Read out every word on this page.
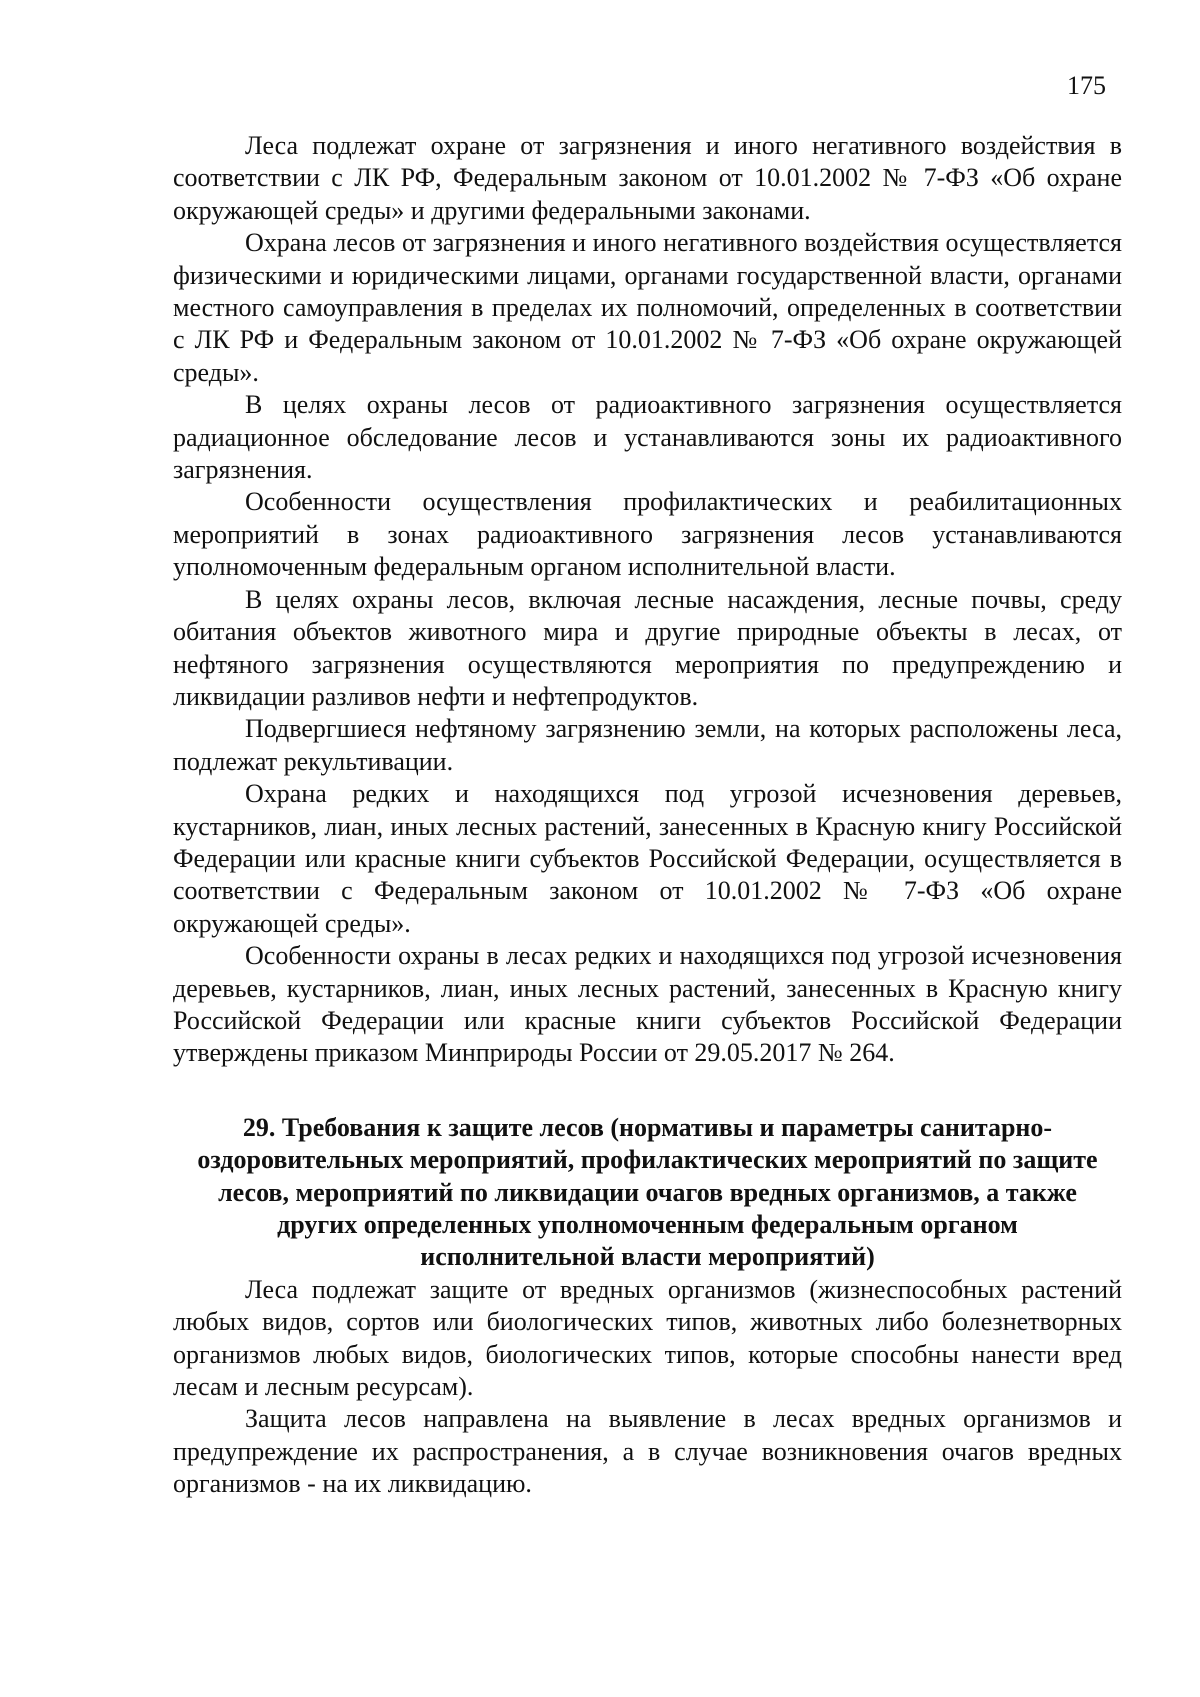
175

Леса подлежат охране от загрязнения и иного негативного воздействия в соответствии с ЛК РФ, Федеральным законом от 10.01.2002 № 7-ФЗ «Об охране окружающей среды» и другими федеральными законами.

Охрана лесов от загрязнения и иного негативного воздействия осуществляется физическими и юридическими лицами, органами государственной власти, органами местного самоуправления в пределах их полномочий, определенных в соответствии с ЛК РФ и Федеральным законом от 10.01.2002 № 7-ФЗ «Об охране окружающей среды».

В целях охраны лесов от радиоактивного загрязнения осуществляется радиационное обследование лесов и устанавливаются зоны их радиоактивного загрязнения.

Особенности осуществления профилактических и реабилитационных мероприятий в зонах радиоактивного загрязнения лесов устанавливаются уполномоченным федеральным органом исполнительной власти.

В целях охраны лесов, включая лесные насаждения, лесные почвы, среду обитания объектов животного мира и другие природные объекты в лесах, от нефтяного загрязнения осуществляются мероприятия по предупреждению и ликвидации разливов нефти и нефтепродуктов.

Подвергшиеся нефтяному загрязнению земли, на которых расположены леса, подлежат рекультивации.

Охрана редких и находящихся под угрозой исчезновения деревьев, кустарников, лиан, иных лесных растений, занесенных в Красную книгу Российской Федерации или красные книги субъектов Российской Федерации, осуществляется в соответствии с Федеральным законом от 10.01.2002 № 7-ФЗ «Об охране окружающей среды».

Особенности охраны в лесах редких и находящихся под угрозой исчезновения деревьев, кустарников, лиан, иных лесных растений, занесенных в Красную книгу Российской Федерации или красные книги субъектов Российской Федерации утверждены приказом Минприроды России от 29.05.2017 № 264.

29. Требования к защите лесов (нормативы и параметры санитарно-оздоровительных мероприятий, профилактических мероприятий по защите лесов, мероприятий по ликвидации очагов вредных организмов, а также других определенных уполномоченным федеральным органом исполнительной власти мероприятий)

Леса подлежат защите от вредных организмов (жизнеспособных растений любых видов, сортов или биологических типов, животных либо болезнетворных организмов любых видов, биологических типов, которые способны нанести вред лесам и лесным ресурсам).

Защита лесов направлена на выявление в лесах вредных организмов и предупреждение их распространения, а в случае возникновения очагов вредных организмов - на их ликвидацию.
